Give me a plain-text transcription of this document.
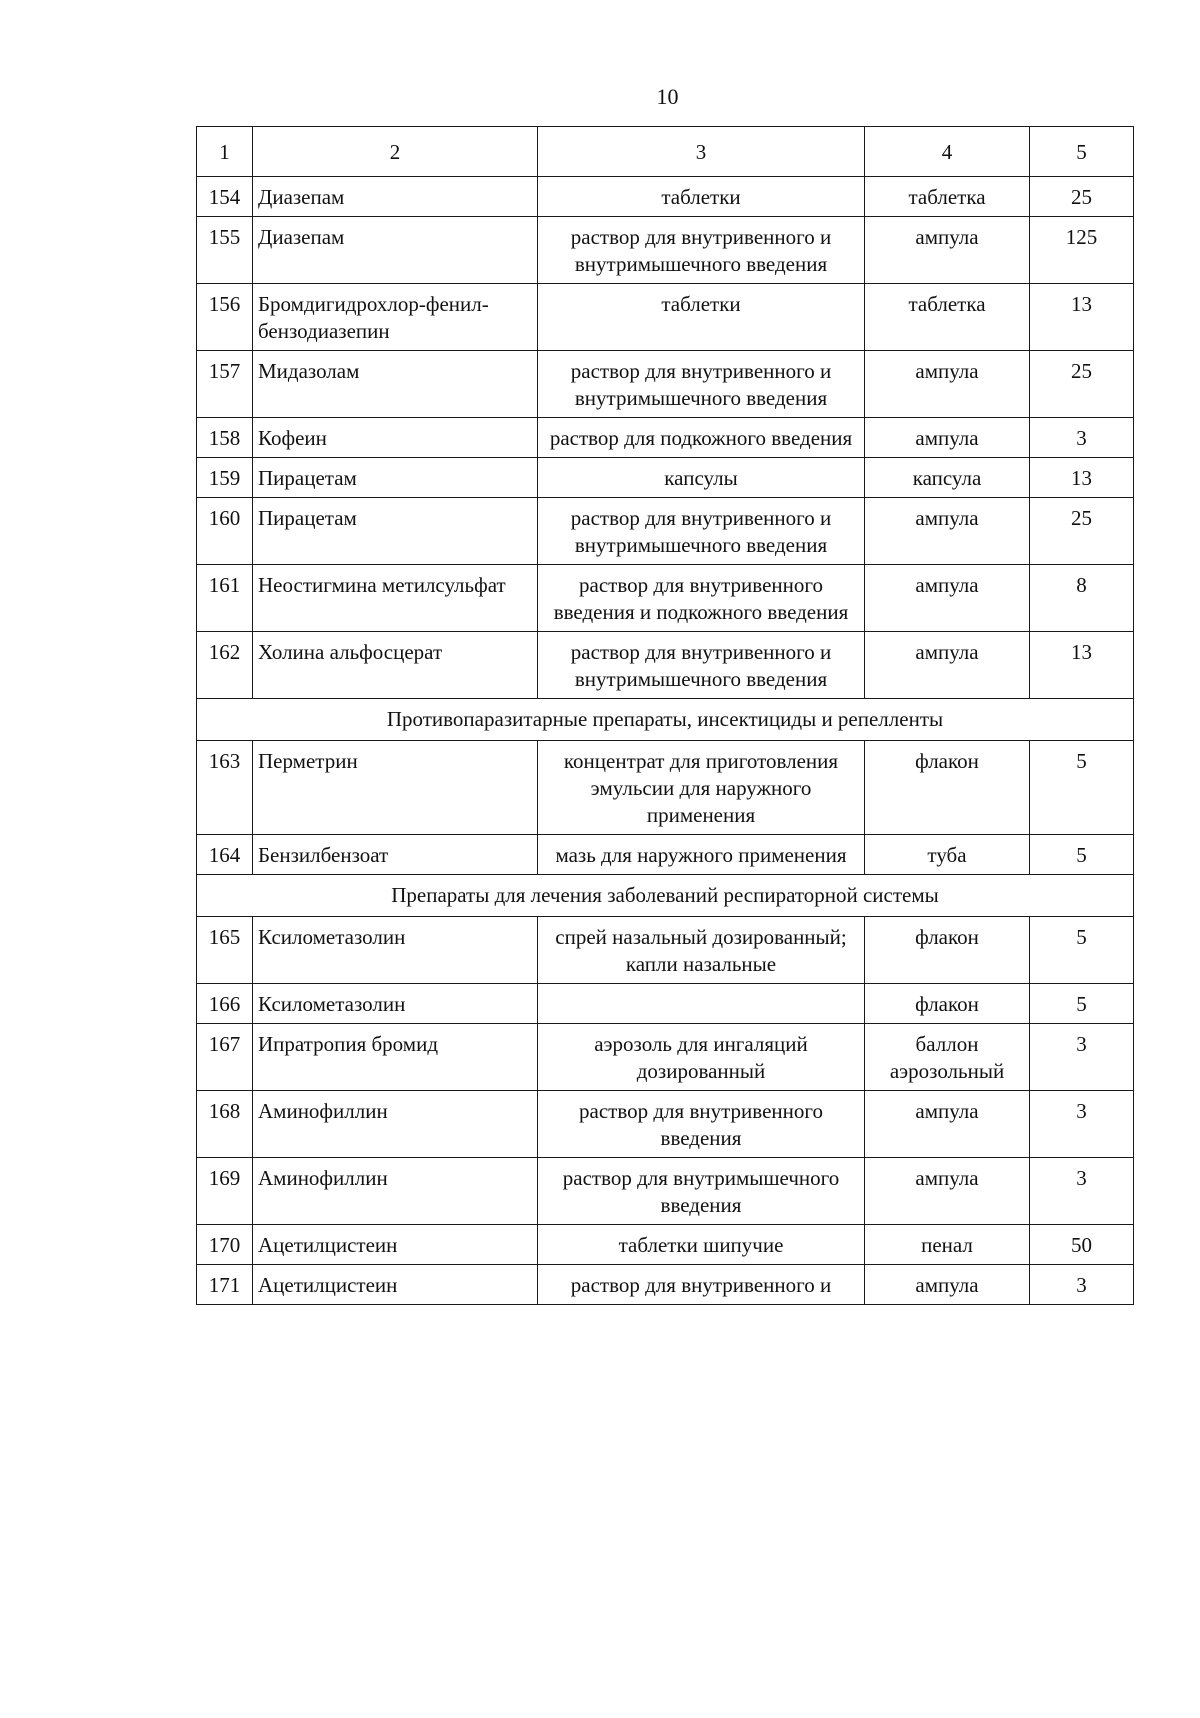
10
1	2	3	4	5
154	Диазепам	таблетки	таблетка	25
155	Диазепам	раствор для внутривенного и внутримышечного введения	ампула	125
156	Бромдигидрохлор-фенил-бензодиазепин	таблетки	таблетка	13
157	Мидазолам	раствор для внутривенного и внутримышечного введения	ампула	25
158	Кофеин	раствор для подкожного введения	ампула	3
159	Пирацетам	капсулы	капсула	13
160	Пирацетам	раствор для внутривенного и внутримышечного введения	ампула	25
161	Неостигмина метилсульфат	раствор для внутривенного введения и подкожного введения	ампула	8
162	Холина альфосцерат	раствор для внутривенного и внутримышечного введения	ампула	13
Противопаразитарные препараты, инсектициды и репелленты				
163	Перметрин	концентрат для приготовления эмульсии для наружного применения	флакон	5
164	Бензилбензоат	мазь для наружного применения	туба	5
Препараты для лечения заболеваний респираторной системы				
165	Ксилометазолин	спрей назальный дозированный; капли назальные	флакон	5
166	Ксилометазолин		флакон	5
167	Ипратропия бромид	аэрозоль для ингаляций дозированный	баллон аэрозольный	3
168	Аминофиллин	раствор для внутривенного введения	ампула	3
169	Аминофиллин	раствор для внутримышечного введения	ампула	3
170	Ацетилцистеин	таблетки шипучие	пенал	50
171	Ацетилцистеин	раствор для внутривенного и	ампула	3
